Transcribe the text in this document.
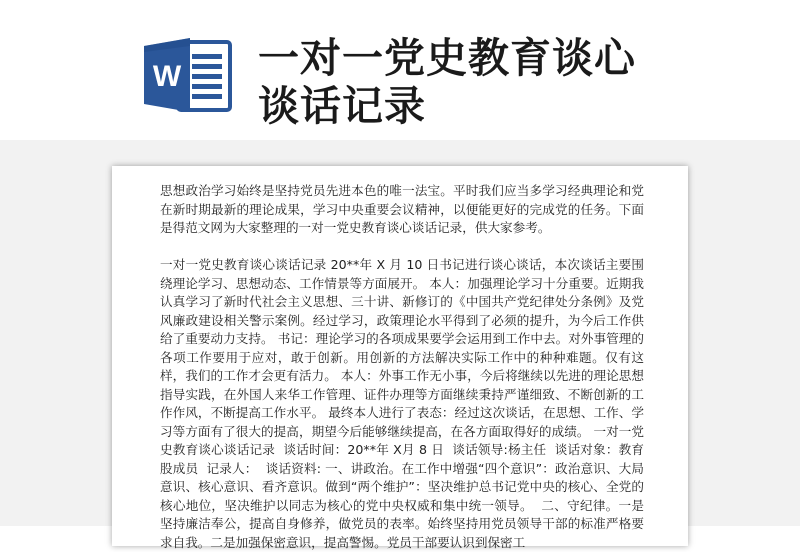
W 一对一党史教育谈心
谈话记录

思想政治学习始终是坚持党员先进本色的唯一法宝。平时我们应当多学习经典理论和党在新时期最新的理论成果，学习中央重要会议精神，以便能更好的完成党的任务。下面是得范文网为大家整理的一对一党史教育谈心谈话记录，供大家参考。

一对一党史教育谈心谈话记录 20**年 X 月 10 日书记进行谈心谈话，本次谈话主要围绕理论学习、思想动态、工作情景等方面展开。 本人：加强理论学习十分重要。近期我认真学习了新时代社会主义思想、三十讲、新修订的《中国共产党纪律处分条例》及党风廉政建设相关警示案例。经过学习，政策理论水平得到了必须的提升，为今后工作供给了重要动力支持。 书记：理论学习的各项成果要学会运用到工作中去。对外事管理的各项工作要用于应对，敢于创新。用创新的方法解决实际工作中的种种难题。仅有这样，我们的工作才会更有活力。 本人：外事工作无小事，今后将继续以先进的理论思想指导实践，在外国人来华工作管理、证件办理等方面继续秉持严谨细致、不断创新的工作作风，不断提高工作水平。 最终本人进行了表态：经过这次谈话，在思想、工作、学习等方面有了很大的提高，期望今后能够继续提高，在各方面取得好的成绩。 一对一党史教育谈心谈话记录  谈话时间：20**年 X月 8 日  谈话领导:杨主任  谈话对象：教育股成员  记录人：  谈话资料: 一、讲政治。在工作中增强“四个意识”：政治意识、大局意识、核心意识、看齐意识。做到“两个维护”：坚决维护总书记党中央的核心、全党的核心地位，坚决维护以同志为核心的党中央权威和集中统一领导。  二、守纪律。一是坚持廉洁奉公，提高自身修养，做党员的表率。始终坚持用党员领导干部的标准严格要求自我。二是加强保密意识，提高警惕。党员干部要认识到保密工
